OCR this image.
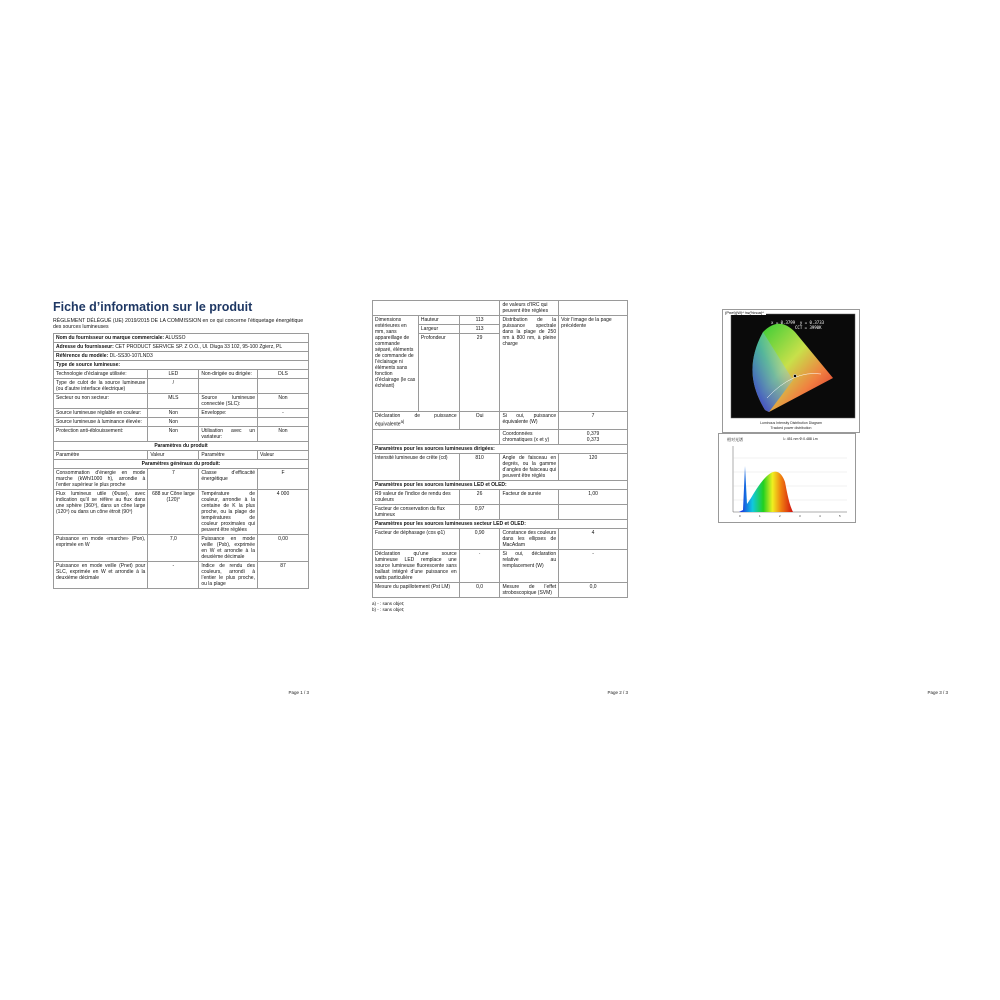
Fiche d’information sur le produit
RÈGLEMENT DÉLÉGUÉ (UE) 2019/2015 DE LA COMMISSION en ce qui concerne l’étiquetage énergétique des sources lumineuses
Nom du fournisseur ou marque commerciale: ALUSSO			
Adresse du fournisseur: CET PRODUCT SERVICE SP. Z O.O., Ul. Dluga 33 102, 95-100 Zgierz, PL			
Référence du modèle: DL-SS30-107LND3			
Type de source lumineuse:			
Technologie d’éclairage utilisée:	LED	Non-dirigée ou dirigée:	DLS
Type de culot de la source lumineuse (ou d’autre interface électrique)	/		
Secteur ou non secteur:	MLS	Source lumineuse connectée (SLC):	Non
Source lumineuse réglable en couleur:	Non	Enveloppe:	-
Source lumineuse à luminance élevée:	Non		
Protection anti-éblouissement:	Non	Utilisation avec un variateur:	Non
Paramètres du produit			
Paramètre	Valeur	Paramètre	Valeur
Paramètres généraux du produit:			
Consommation d’énergie en mode marche (kWh/1000 h), arrondie à l’entier supérieur le plus proche	7	Classe d’efficacité énergétique	F
Flux lumineux utile (Φuse), avec indication qu’il se réfère au flux dans une sphère (360º), dans un cône large (120º) ou dans un cône étroit (90º)	688 sur Cône large (120)°	Température de couleur, arrondie à la centaine de K la plus proche, ou la plage de températures de couleur proximales qui peuvent être réglées	4 000
Puissance en mode «marche» (Pon), exprimée en W	7,0	Puissance en mode veille (Psb), exprimée en W et arrondie à la deuxième décimale	0,00
Puissance en mode veille (Pnet) pour SLC, exprimée en W et arrondie à la deuxième décimale	-	Indice de rendu des couleurs, arrondi à l’entier le plus proche, ou la plage	87
Page 1 / 3
			de valeurs d’IRC qui peuvent être réglées	
Dimensions extérieures en mm, sans appareillage de commande séparé, éléments de commande de l’éclairage ni éléments sans fonction d’éclairage (le cas échéant)	Hauteur	113	Distribution de la puissance spectrale dans la plage de 250 nm à 800 nm, à pleine charge	Voir l’image de la page précédente
	Largeur	113		
	Profondeur	29		
Déclaration de puissance équivalente$^{a)}$		Oui	Si oui, puissance équivalente (W)	7
			Coordonnées chromatiques (x et y)	0,379
0,373
Paramètres pour les sources lumineuses dirigées:				
Intensité lumineuse de crête (cd)		810	Angle de faisceau en degrés, ou la gamme d’angles de faisceau qui peuvent être réglés	120
Paramètres pour les sources lumineuses LED et OLED:				
R9 valeur de l’indice de rendu des couleurs		26	Facteur de survie	1,00
Facteur de conservation du flux lumineux		0,97		
Paramètres pour les sources lumineuses secteur LED et OLED:				
Facteur de déphasage (cos φ1)		0,90	Constance des couleurs dans les ellipses de MacAdam	4
Déclaration qu’une source lumineuse LED remplace une source lumineuse fluorescente sans ballast intégré d’une puissance en watts particulière		-	Si oui, déclaration relative au remplacement (W)	-
Mesure du papillotement (Pst LM)		0,0	Mesure de l’effet stroboscopique (SVM)	0,0
a) - : sans objet;
b) - : sans objet;
Page 2 / 3
(Pnet)(W)^ tw(%noa)^
x = 0.3799 y = 0.3733
CCT = 3990K
Luminous Intensity Distribution Diagram
Tracked power distribution
相对光谱	λ: 451 nm Φ:0.488 Lm
0	1	2	3	4	5
Page 3 / 3
